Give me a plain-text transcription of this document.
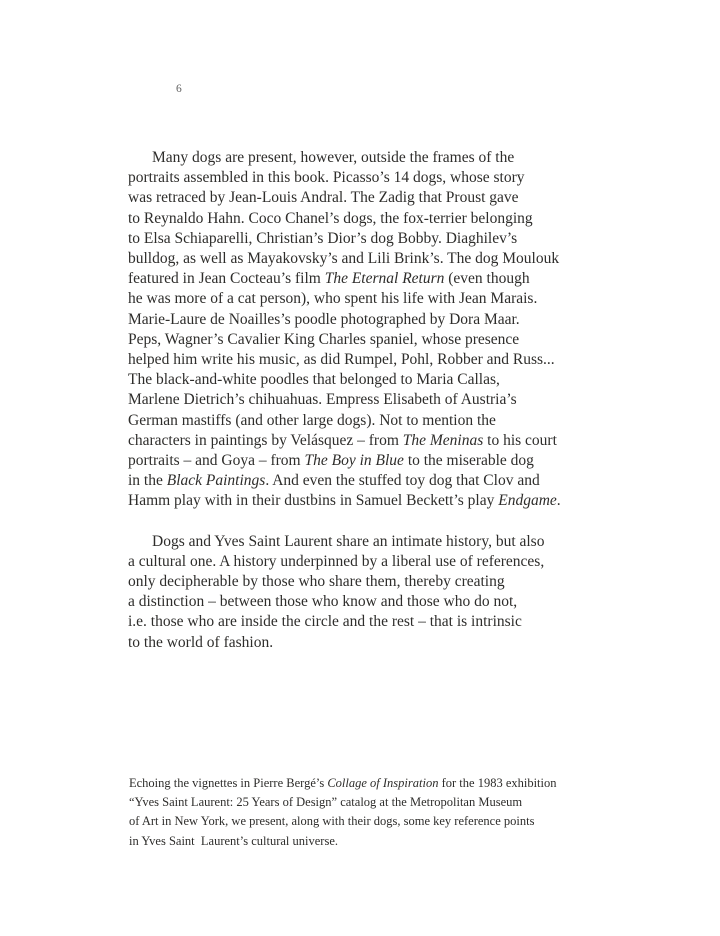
6
Many dogs are present, however, outside the frames of the
portraits assembled in this book. Picasso’s 14 dogs, whose story
was retraced by Jean-Louis Andral. The Zadig that Proust gave
to Reynaldo Hahn. Coco Chanel’s dogs, the fox-terrier belonging
to Elsa Schiaparelli, Christian’s Dior’s dog Bobby. Diaghilev’s
bulldog, as well as Mayakovsky’s and Lili Brink’s. The dog Moulouk
featured in Jean Cocteau’s film The Eternal Return (even though
he was more of a cat person), who spent his life with Jean Marais.
Marie-Laure de Noailles’s poodle photographed by Dora Maar.
Peps, Wagner’s Cavalier King Charles spaniel, whose presence
helped him write his music, as did Rumpel, Pohl, Robber and Russ...
The black-and-white poodles that belonged to Maria Callas,
Marlene Dietrich’s chihuahuas. Empress Elisabeth of Austria’s
German mastiffs (and other large dogs). Not to mention the
characters in paintings by Velásquez – from The Meninas to his court
portraits – and Goya – from The Boy in Blue to the miserable dog
in the Black Paintings. And even the stuffed toy dog that Clov and
Hamm play with in their dustbins in Samuel Beckett’s play Endgame.
Dogs and Yves Saint Laurent share an intimate history, but also
a cultural one. A history underpinned by a liberal use of references,
only decipherable by those who share them, thereby creating
a distinction – between those who know and those who do not,
i.e. those who are inside the circle and the rest – that is intrinsic
to the world of fashion.
Echoing the vignettes in Pierre Bergé’s Collage of Inspiration for the 1983 exhibition
“Yves Saint Laurent: 25 Years of Design” catalog at the Metropolitan Museum
of Art in New York, we present, along with their dogs, some key reference points
in Yves Saint  Laurent’s cultural universe.
